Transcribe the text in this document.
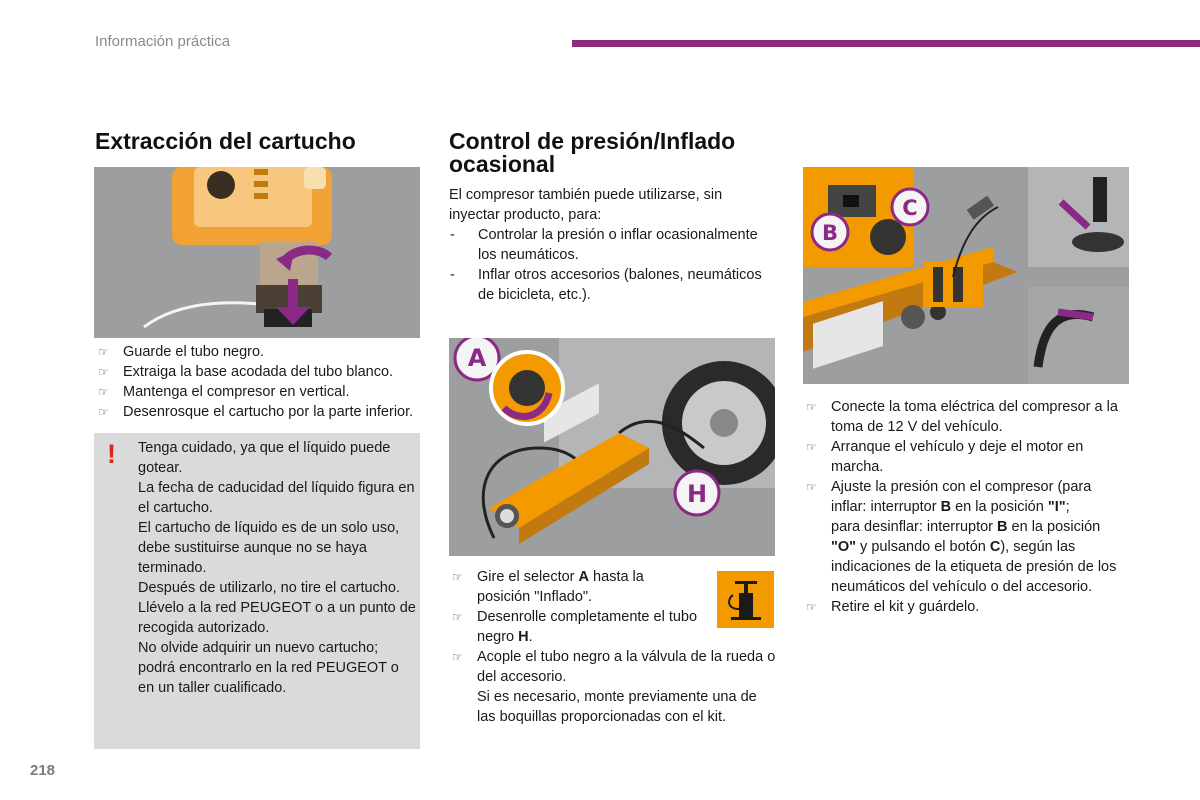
Información práctica
Extracción del cartucho
☞ Guarde el tubo negro.
☞ Extraiga la base acodada del tubo blanco.
☞ Mantenga el compresor en vertical.
☞ Desenrosque el cartucho por la parte inferior.
! Tenga cuidado, ya que el líquido puede gotear.

La fecha de caducidad del líquido figura en el cartucho.

El cartucho de líquido es de un solo uso, debe sustituirse aunque no se haya terminado.

Después de utilizarlo, no tire el cartucho. Llévelo a la red PEUGEOT o a un punto de recogida autorizado.

No olvide adquirir un nuevo cartucho; podrá encontrarlo en la red PEUGEOT o en un taller cualificado.

Control de presión/Inflado ocasional

El compresor también puede utilizarse, sin inyectar producto, para:

- Controlar la presión o inflar ocasionalmente los neumáticos.
- Inflar otros accesorios (balones, neumáticos de bicicleta, etc.).
A
H
☞ Gire el selector A hasta la posición "Inflado".
☞ Desenrolle completamente el tubo negro H.
☞ Acople el tubo negro a la válvula de la rueda o del accesorio.
Si es necesario, monte previamente una de las boquillas proporcionadas con el kit.
C
B
☞ Conecte la toma eléctrica del compresor a la toma de 12 V del vehículo.
☞ Arranque el vehículo y deje el motor en marcha.
☞ Ajuste la presión con el compresor (para inflar: interruptor B en la posición "I";
para desinflar: interruptor B en la posición
"O" y pulsando el botón C), según las indicaciones de la etiqueta de presión de los neumáticos del vehículo o del accesorio.
☞ Retire el kit y guárdelo.
218
